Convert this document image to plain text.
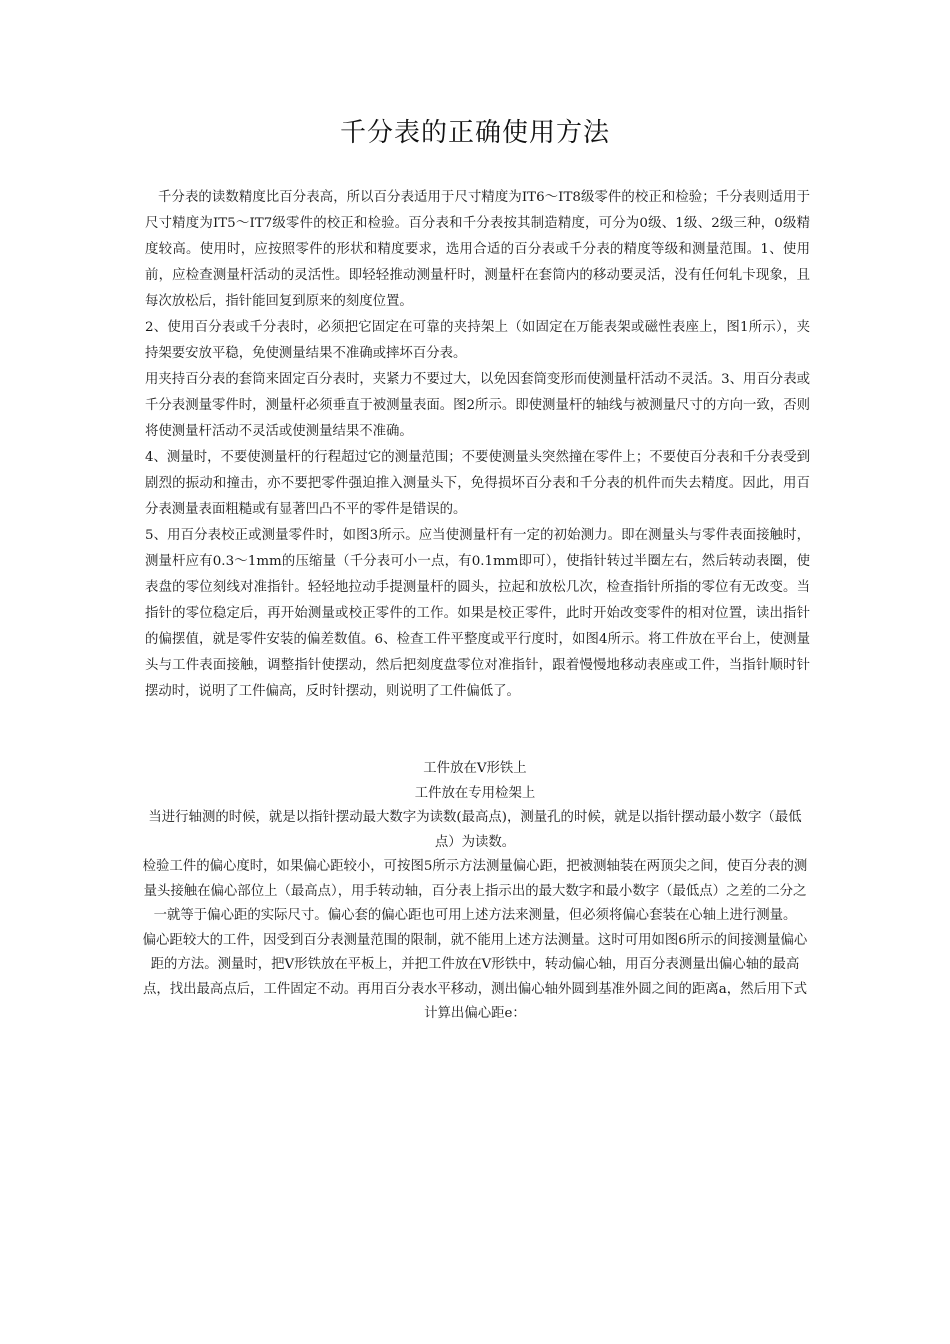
千分表的正确使用方法

千分表的读数精度比百分表高，所以百分表适用于尺寸精度为IT6～IT8级零件的校正和检验；千分表则适用于尺寸精度为IT5～IT7级零件的校正和检验。百分表和千分表按其制造精度，可分为0级、1级、2级三种，0级精度较高。使用时，应按照零件的形状和精度要求，选用合适的百分表或千分表的精度等级和测量范围。1、使用前，应检查测量杆活动的灵活性。即轻轻推动测量杆时，测量杆在套筒内的移动要灵活，没有任何轧卡现象，且每次放松后，指针能回复到原来的刻度位置。

2、使用百分表或千分表时，必须把它固定在可靠的夹持架上（如固定在万能表架或磁性表座上，图1所示），夹持架要安放平稳，免使测量结果不准确或摔坏百分表。

用夹持百分表的套筒来固定百分表时，夹紧力不要过大，以免因套筒变形而使测量杆活动不灵活。3、用百分表或千分表测量零件时，测量杆必须垂直于被测量表面。图2所示。即使测量杆的轴线与被测量尺寸的方向一致，否则将使测量杆活动不灵活或使测量结果不准确。

4、测量时，不要使测量杆的行程超过它的测量范围；不要使测量头突然撞在零件上；不要使百分表和千分表受到剧烈的振动和撞击，亦不要把零件强迫推入测量头下，免得损坏百分表和千分表的机件而失去精度。因此，用百分表测量表面粗糙或有显著凹凸不平的零件是错误的。

5、用百分表校正或测量零件时，如图3所示。应当使测量杆有一定的初始测力。即在测量头与零件表面接触时，测量杆应有0.3～1mm的压缩量（千分表可小一点，有0.1mm即可），使指针转过半圈左右，然后转动表圈，使表盘的零位刻线对准指针。轻轻地拉动手提测量杆的圆头，拉起和放松几次，检查指针所指的零位有无改变。当指针的零位稳定后，再开始测量或校正零件的工作。如果是校正零件，此时开始改变零件的相对位置，读出指针的偏摆值，就是零件安装的偏差数值。6、检查工件平整度或平行度时，如图4所示。将工件放在平台上，使测量头与工件表面接触，调整指针使摆动，然后把刻度盘零位对准指针，跟着慢慢地移动表座或工件，当指针顺时针摆动时，说明了工件偏高，反时针摆动，则说明了工件偏低了。

工件放在V形铁上

工件放在专用检架上

当进行轴测的时候，就是以指针摆动最大数字为读数(最高点)，测量孔的时候，就是以指针摆动最小数字（最低点）为读数。

检验工件的偏心度时，如果偏心距较小，可按图5所示方法测量偏心距，把被测轴装在两顶尖之间，使百分表的测量头接触在偏心部位上（最高点），用手转动轴，百分表上指示出的最大数字和最小数字（最低点）之差的二分之一就等于偏心距的实际尺寸。偏心套的偏心距也可用上述方法来测量，但必须将偏心套装在心轴上进行测量。

偏心距较大的工件，因受到百分表测量范围的限制，就不能用上述方法测量。这时可用如图6所示的间接测量偏心距的方法。测量时，把V形铁放在平板上，并把工件放在V形铁中，转动偏心轴，用百分表测量出偏心轴的最高点，找出最高点后，工件固定不动。再用百分表水平移动，测出偏心轴外圆到基准外圆之间的距离a，然后用下式计算出偏心距e：
